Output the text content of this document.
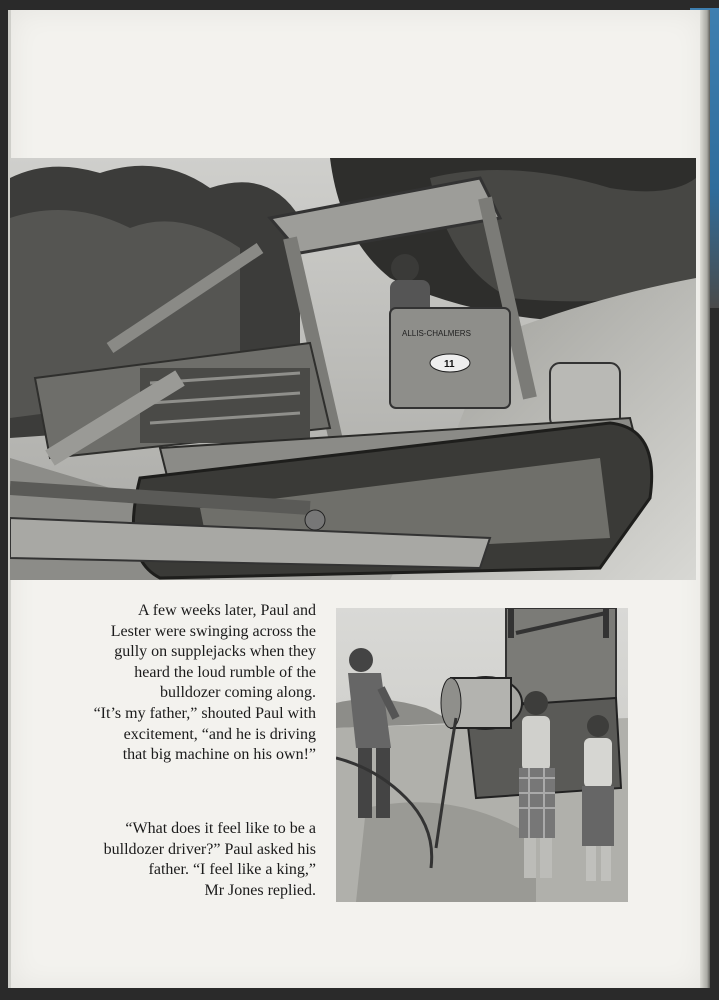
ALLIS-CHALMERS
11
A few weeks later, Paul and
Lester were swinging across the
gully on supplejacks when they
heard the loud rumble of the
bulldozer coming along.
“It’s my father,” shouted Paul with
excitement, “and he is driving
that big machine on his own!”
“What does it feel like to be a
bulldozer driver?” Paul asked his
father. “I feel like a king,”
Mr Jones replied.
